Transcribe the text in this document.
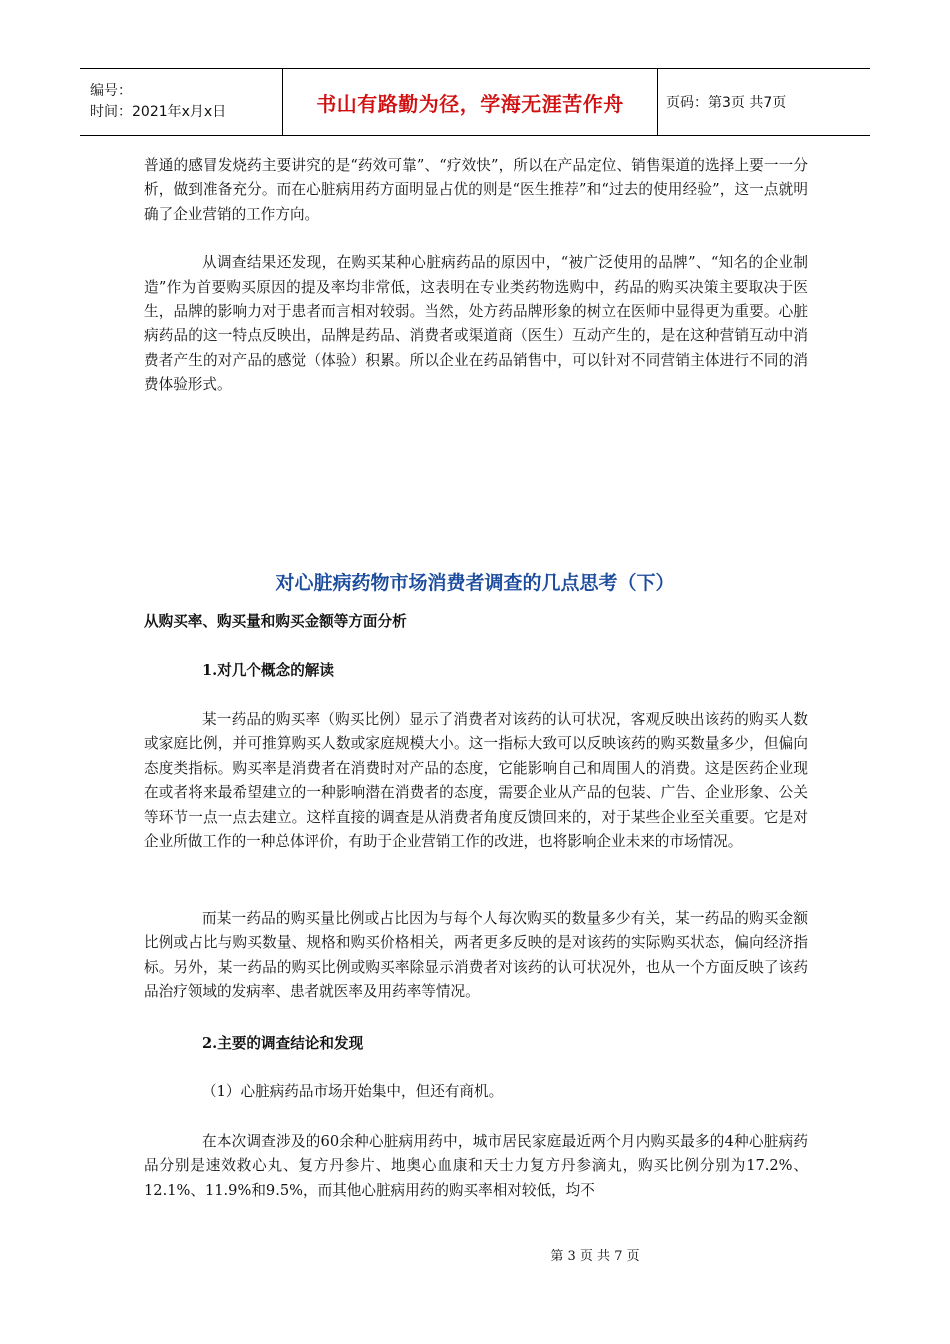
编号：
时间：2021年x月x日	书山有路勤为径，学海无涯苦作舟	页码：第3页 共7页

普通的感冒发烧药主要讲究的是“药效可靠”、“疗效快”，所以在产品定位、销售渠道的选择上要一一分析，做到准备充分。而在心脏病用药方面明显占优的则是“医生推荐”和“过去的使用经验”，这一点就明确了企业营销的工作方向。

从调查结果还发现，在购买某种心脏病药品的原因中，“被广泛使用的品牌”、“知名的企业制造”作为首要购买原因的提及率均非常低，这表明在专业类药物选购中，药品的购买决策主要取决于医生，品牌的影响力对于患者而言相对较弱。当然，处方药品牌形象的树立在医师中显得更为重要。心脏病药品的这一特点反映出，品牌是药品、消费者或渠道商（医生）互动产生的，是在这种营销互动中消费者产生的对产品的感觉（体验）积累。所以企业在药品销售中，可以针对不同营销主体进行不同的消费体验形式。

对心脏病药物市场消费者调查的几点思考（下）
从购买率、购买量和购买金额等方面分析
1.对几个概念的解读

某一药品的购买率（购买比例）显示了消费者对该药的认可状况，客观反映出该药的购买人数或家庭比例，并可推算购买人数或家庭规模大小。这一指标大致可以反映该药的购买数量多少，但偏向态度类指标。购买率是消费者在消费时对产品的态度，它能影响自己和周围人的消费。这是医药企业现在或者将来最希望建立的一种影响潜在消费者的态度，需要企业从产品的包装、广告、企业形象、公关等环节一点一点去建立。这样直接的调查是从消费者角度反馈回来的，对于某些企业至关重要。它是对企业所做工作的一种总体评价，有助于企业营销工作的改进，也将影响企业未来的市场情况。

而某一药品的购买量比例或占比因为与每个人每次购买的数量多少有关，某一药品的购买金额比例或占比与购买数量、规格和购买价格相关，两者更多反映的是对该药的实际购买状态，偏向经济指标。另外，某一药品的购买比例或购买率除显示消费者对该药的认可状况外，也从一个方面反映了该药品治疗领域的发病率、患者就医率及用药率等情况。

2.主要的调查结论和发现

（1）心脏病药品市场开始集中，但还有商机。

在本次调查涉及的60余种心脏病用药中，城市居民家庭最近两个月内购买最多的4种心脏病药品分别是速效救心丸、复方丹参片、地奥心血康和天士力复方丹参滴丸，购买比例分别为17.2%、12.1%、11.9%和9.5%，而其他心脏病用药的购买率相对较低，均不

第 3 页 共 7 页
